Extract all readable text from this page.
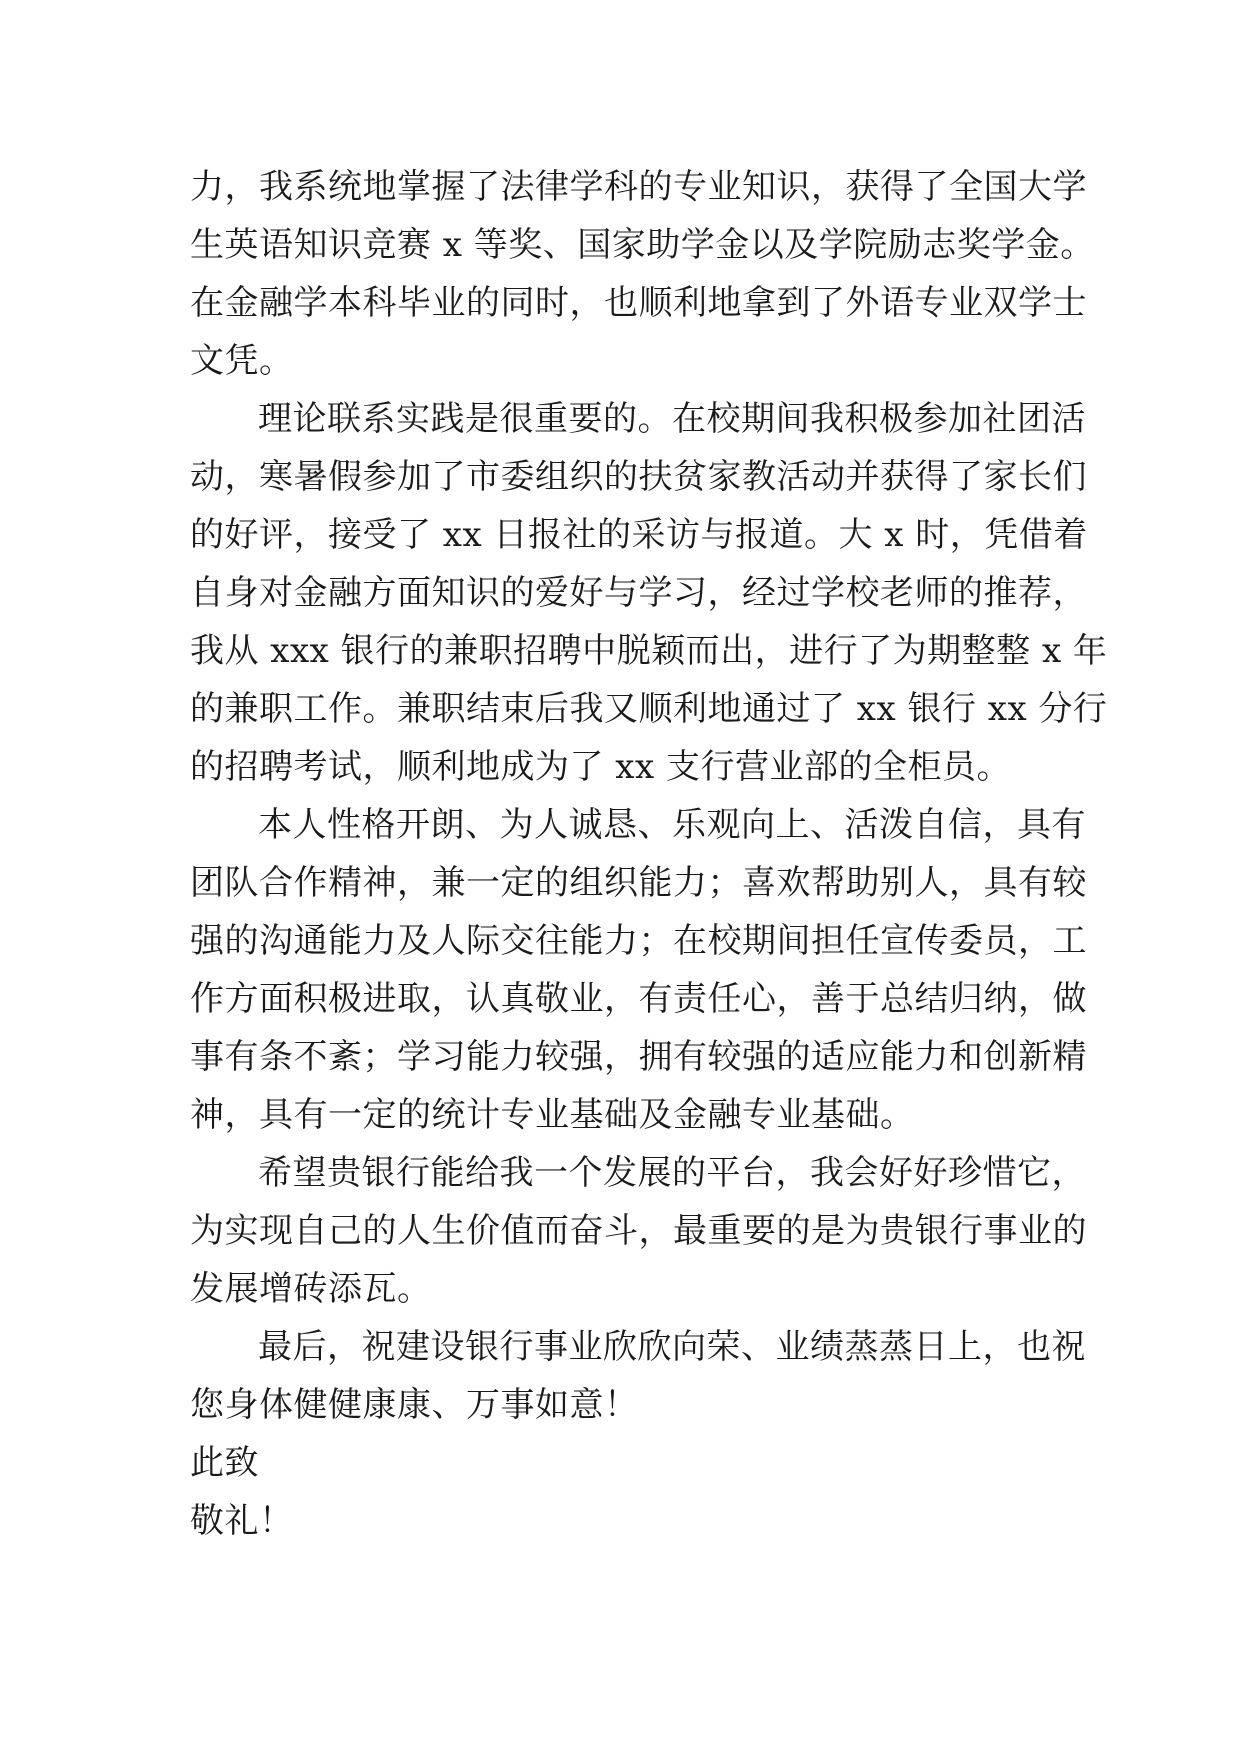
力，我系统地掌握了法律学科的专业知识，获得了全国大学
生英语知识竞赛 x 等奖、国家助学金以及学院励志奖学金。
在金融学本科毕业的同时，也顺利地拿到了外语专业双学士
文凭。
理论联系实践是很重要的。在校期间我积极参加社团活
动，寒暑假参加了市委组织的扶贫家教活动并获得了家长们
的好评，接受了 xx 日报社的采访与报道。大 x 时，凭借着
自身对金融方面知识的爱好与学习，经过学校老师的推荐，
我从 xxx 银行的兼职招聘中脱颖而出，进行了为期整整 x 年
的兼职工作。兼职结束后我又顺利地通过了 xx 银行 xx 分行
的招聘考试，顺利地成为了 xx 支行营业部的全柜员。
本人性格开朗、为人诚恳、乐观向上、活泼自信，具有
团队合作精神，兼一定的组织能力；喜欢帮助别人，具有较
强的沟通能力及人际交往能力；在校期间担任宣传委员，工
作方面积极进取，认真敬业，有责任心，善于总结归纳，做
事有条不紊；学习能力较强，拥有较强的适应能力和创新精
神，具有一定的统计专业基础及金融专业基础。
希望贵银行能给我一个发展的平台，我会好好珍惜它，
为实现自己的人生价值而奋斗，最重要的是为贵银行事业的
发展增砖添瓦。
最后，祝建设银行事业欣欣向荣、业绩蒸蒸日上，也祝
您身体健健康康、万事如意！
此致
敬礼！
